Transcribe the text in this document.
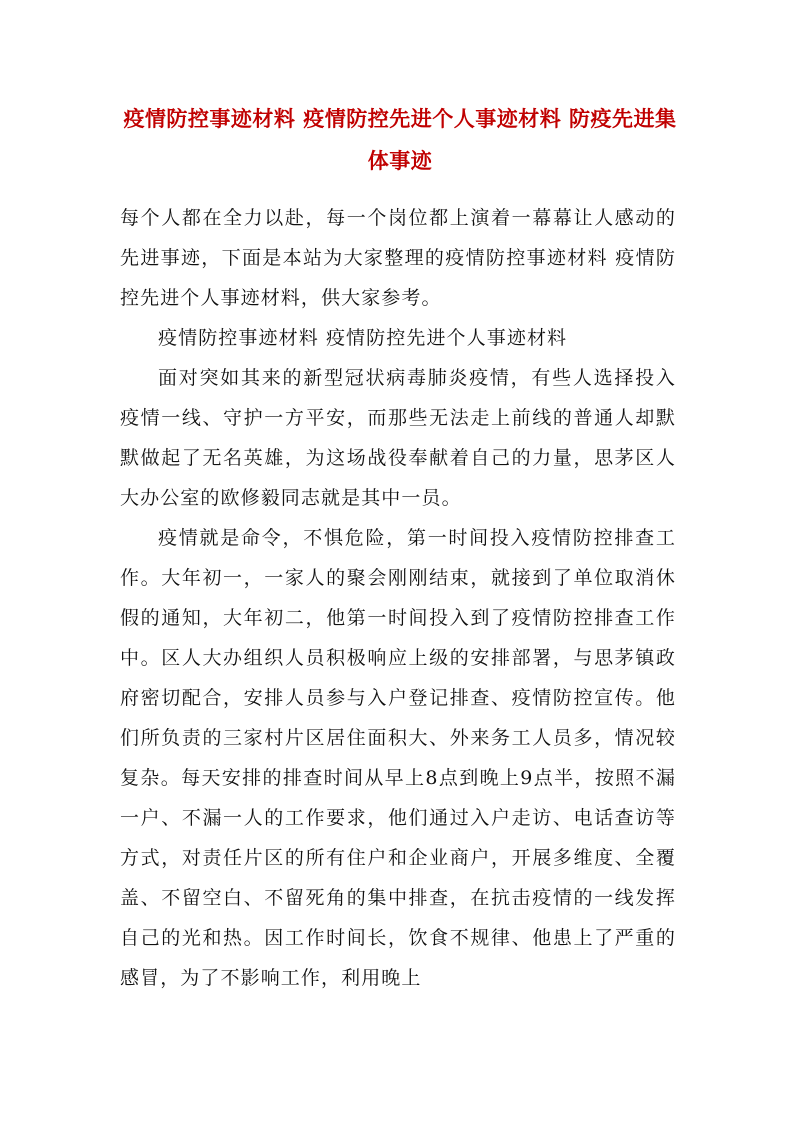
疫情防控事迹材料 疫情防控先进个人事迹材料 防疫先进集体事迹

每个人都在全力以赴，每一个岗位都上演着一幕幕让人感动的先进事迹，下面是本站为大家整理的疫情防控事迹材料 疫情防控先进个人事迹材料，供大家参考。

疫情防控事迹材料 疫情防控先进个人事迹材料

面对突如其来的新型冠状病毒肺炎疫情，有些人选择投入疫情一线、守护一方平安，而那些无法走上前线的普通人却默默做起了无名英雄，为这场战役奉献着自己的力量，思茅区人大办公室的欧修毅同志就是其中一员。

疫情就是命令，不惧危险，第一时间投入疫情防控排查工作。大年初一，一家人的聚会刚刚结束，就接到了单位取消休假的通知，大年初二，他第一时间投入到了疫情防控排查工作中。区人大办组织人员积极响应上级的安排部署，与思茅镇政府密切配合，安排人员参与入户登记排查、疫情防控宣传。他们所负责的三家村片区居住面积大、外来务工人员多，情况较复杂。每天安排的排查时间从早上8点到晚上9点半，按照不漏一户、不漏一人的工作要求，他们通过入户走访、电话查访等方式，对责任片区的所有住户和企业商户，开展多维度、全覆盖、不留空白、不留死角的集中排查，在抗击疫情的一线发挥自己的光和热。因工作时间长，饮食不规律、他患上了严重的感冒，为了不影响工作，利用晚上
